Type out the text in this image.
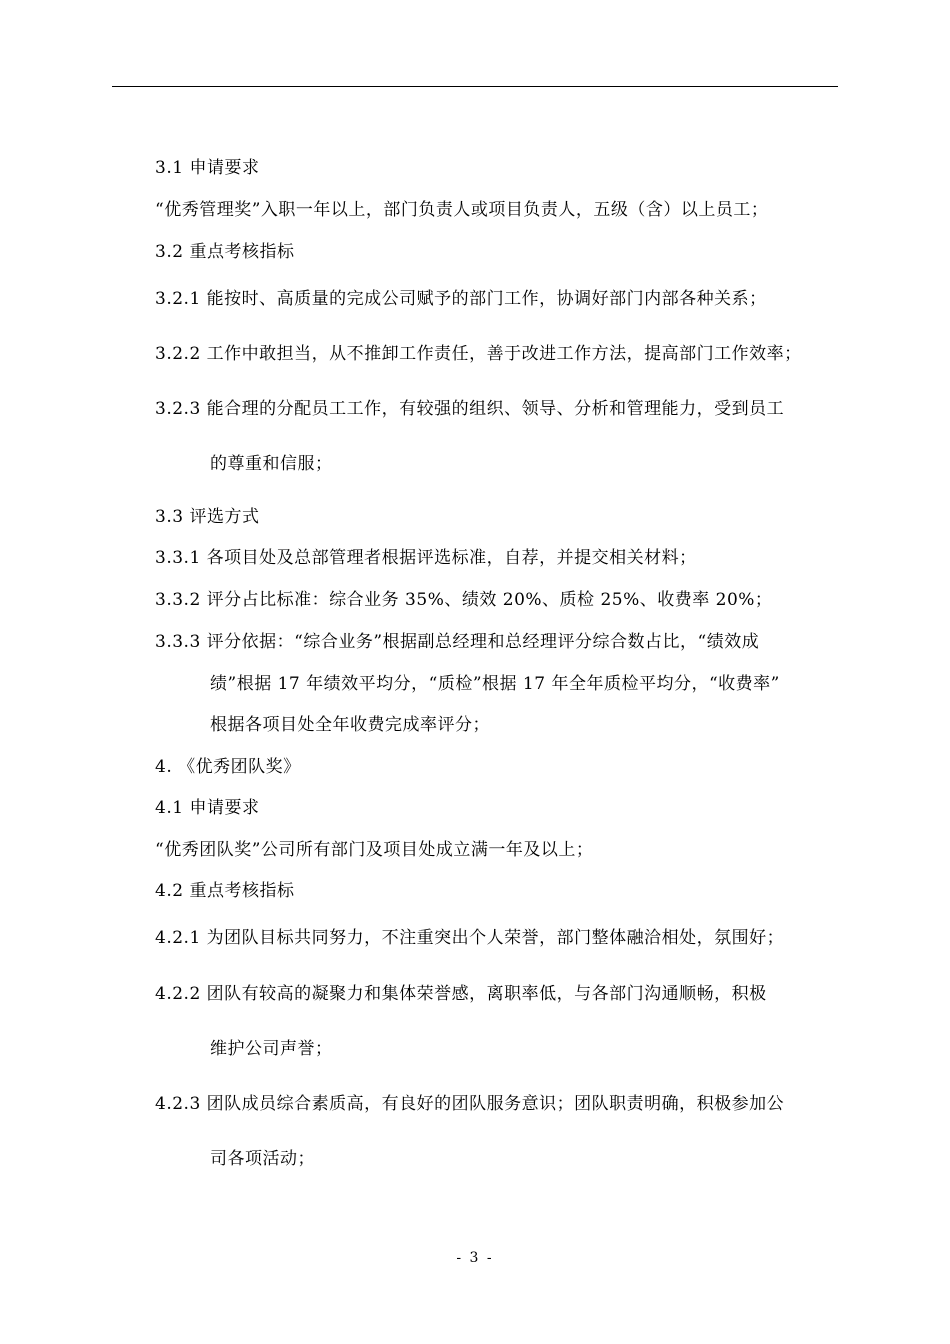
3.1 申请要求
“优秀管理奖”入职一年以上，部门负责人或项目负责人，五级（含）以上员工；
3.2 重点考核指标
3.2.1 能按时、高质量的完成公司赋予的部门工作，协调好部门内部各种关系；
3.2.2 工作中敢担当，从不推卸工作责任，善于改进工作方法，提高部门工作效率；
3.2.3 能合理的分配员工工作，有较强的组织、领导、分析和管理能力，受到员工
的尊重和信服；
3.3 评选方式
3.3.1 各项目处及总部管理者根据评选标准，自荐，并提交相关材料；
3.3.2 评分占比标准：综合业务 35%、绩效 20%、质检 25%、收费率 20%；
3.3.3 评分依据：“综合业务”根据副总经理和总经理评分综合数占比，“绩效成
绩”根据 17 年绩效平均分，“质检”根据 17 年全年质检平均分，“收费率”
根据各项目处全年收费完成率评分；
4. 《优秀团队奖》
4.1 申请要求
“优秀团队奖”公司所有部门及项目处成立满一年及以上；
4.2 重点考核指标
4.2.1 为团队目标共同努力，不注重突出个人荣誉，部门整体融洽相处，氛围好；
4.2.2 团队有较高的凝聚力和集体荣誉感，离职率低，与各部门沟通顺畅，积极
维护公司声誉；
4.2.3 团队成员综合素质高，有良好的团队服务意识；团队职责明确，积极参加公
司各项活动；
- 3 -
